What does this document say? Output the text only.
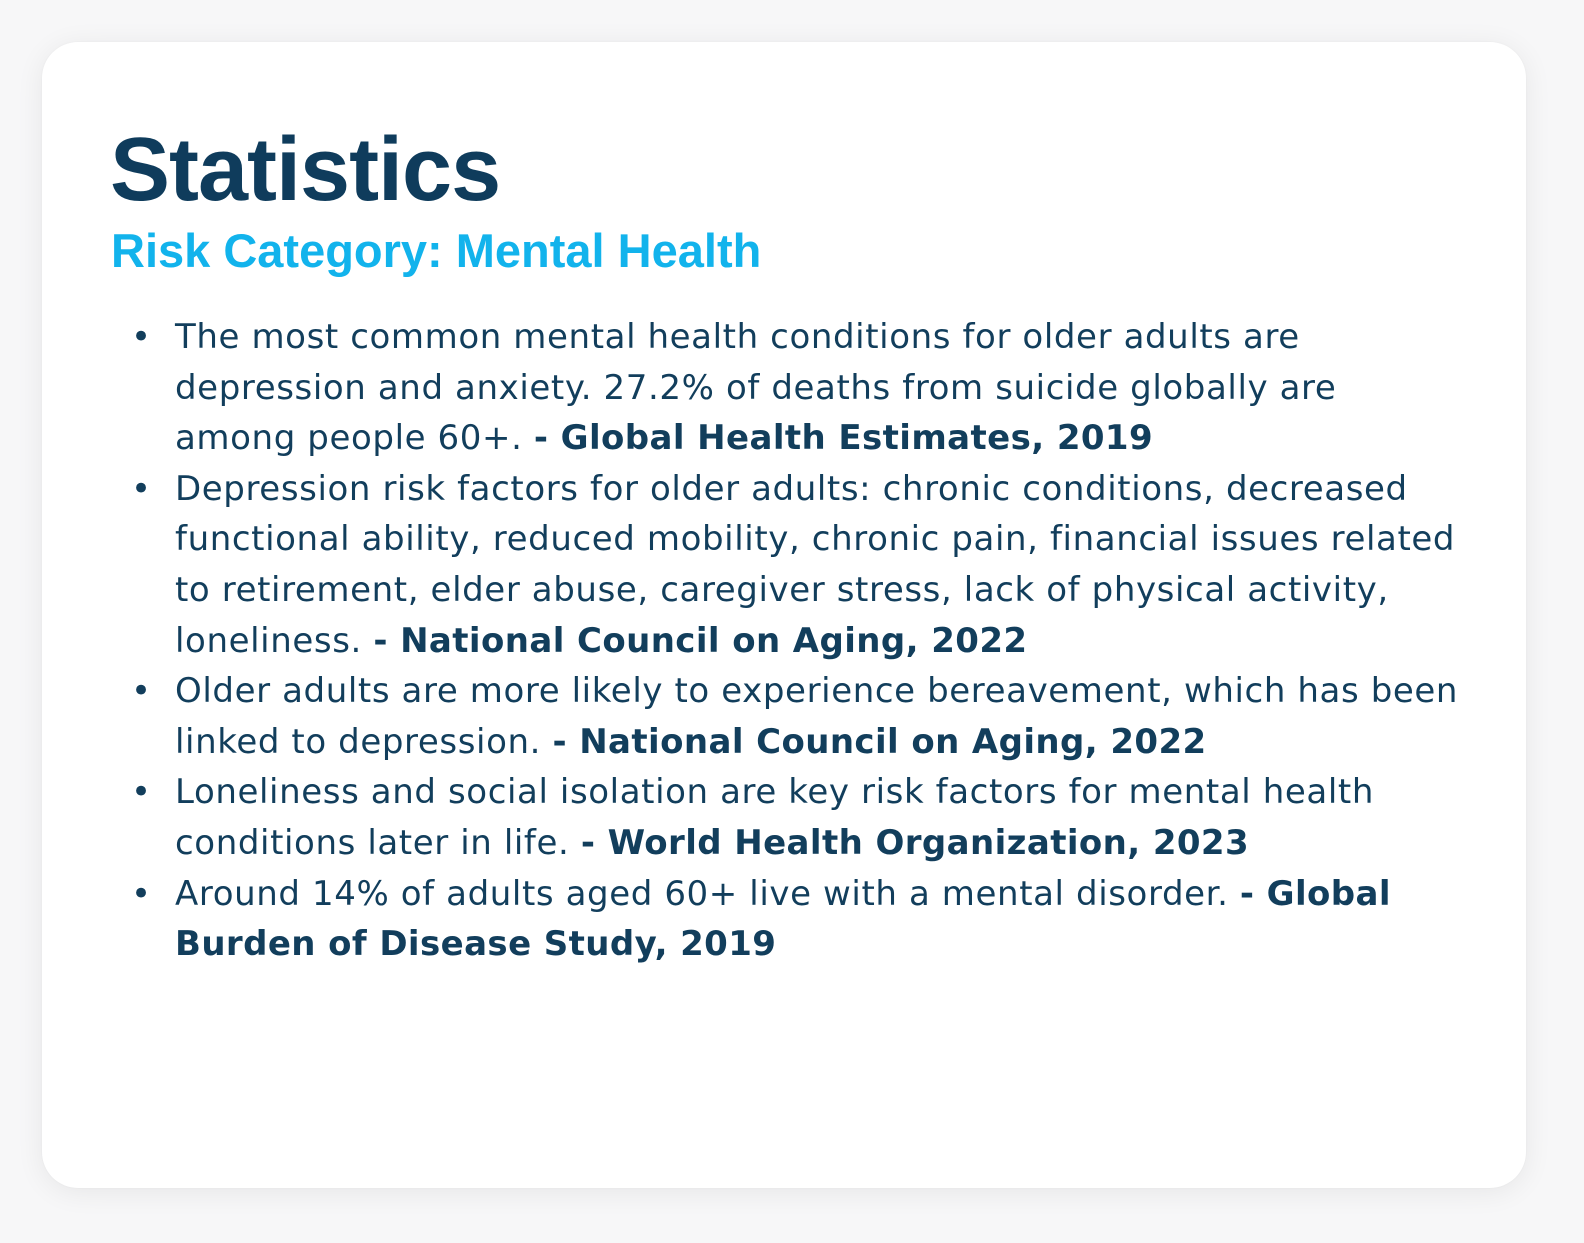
Statistics
Risk Category: Mental Health
• The most common mental health conditions for older adults are depression and anxiety. 27.2% of deaths from suicide globally are among people 60+. - Global Health Estimates, 2019
• Depression risk factors for older adults: chronic conditions, decreased functional ability, reduced mobility, chronic pain, financial issues related to retirement, elder abuse, caregiver stress, lack of physical activity, loneliness. - National Council on Aging, 2022
• Older adults are more likely to experience bereavement, which has been linked to depression. - National Council on Aging, 2022
• Loneliness and social isolation are key risk factors for mental health conditions later in life. - World Health Organization, 2023
• Around 14% of adults aged 60+ live with a mental disorder. - Global Burden of Disease Study, 2019
